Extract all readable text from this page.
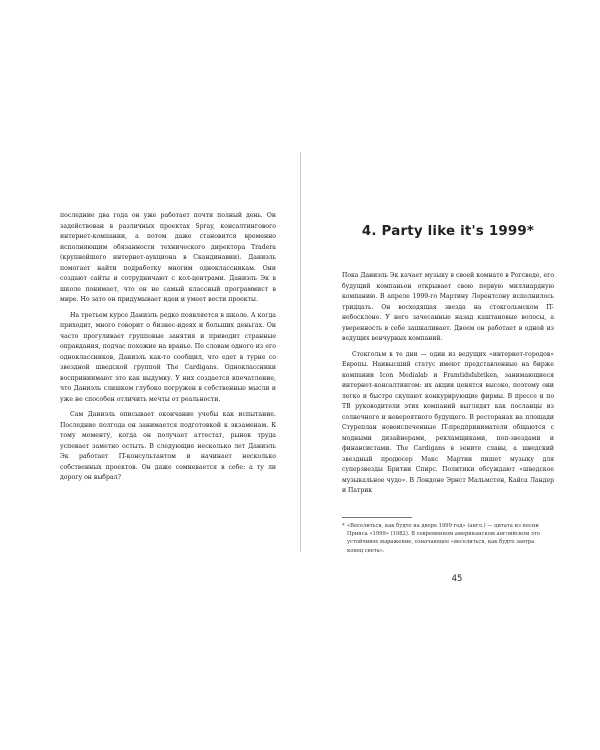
последние два года он уже работает почти полный день. Он задействован в различных проектах Spray, консалтингового интернет-компании, а потом даже становится временно исполняющим обязанности технического директора Tradera (крупнейшего интернет-аукциона в Скандинавии). Даниэль помогает найти подработку многим одноклассникам. Они создают сайты и сотрудничают с кол-центрами. Даниэль Эк в школе понимает, что он не самый классный программист в мире. Но зато он придумывает идеи и умеет вести проекты.

На третьем курсе Даниэль редко появляется в школе. А когда приходит, много говорит о бизнес-идеях и больших деньгах. Он часто прогуливает групповые занятия и приводит странные оправдания, подчас похожие на вранье. По словам одного из его одноклассников, Даниэль как-то сообщил, что едет в турне со звездной шведской группой The Cardigans. Одноклассники восприниимают это как выдумку. У них создается впечатление, что Даниэль слишком глубоко погружен в собственные мысли и уже не способен отличить мечты от реальности.

Сам Даниэль описывает окончание учебы как испытание. Последние полгода он занимается подготовкой к экзаменам. К тому моменту, когда он получает аттестат, рынок труда успевает заметно остыть. В следующие несколько лет Даниэль Эк работает IT-консультантом и начинает несколько собственных проектов. Он даже сомневается в себе: а ту ли дорогу он выбрал?

4. Party like it's 1999*

Пока Даниэль Эк качает музыку в своей комнате в Рогсведе, его будущий компаньон открывает свою первую миллиардную компанию. В апреле 1999-го Мартину Лорентсону исполнилось тридцать. Он восходящая звезда на стокгольмском IT-небосклоне. У него зачесанные назад каштановые волосы, а уверенность в себе зашкаливает. Двеем он работает в одной из ведущих венчурных компаний.

Стокгольм в те дни — один из ведущих «интернет-городов» Европы. Наивысший статус имеют представленные на бирже компании Icon Medialab и Framtidsfabriken, занимающиеся интернет-консалтингом: их акции ценятся высоко, поэтому они легко и быстро скупают конкурирующие фирмы. В прессе и по ТВ руководители этих компаний выглядят как посланцы из солнечного и невероятного будущего. В ресторанах на площади Стуреплан новоиспеченные IT-предприниматели общаются с модными дизайнерами, рекламщиками, поп-звездами и финансистами. The Cardigans в зените славы, а шведский звездный продюсер Макс Мартин пишет музыку для суперзвезды Бритни Спирс. Политики обсуждают «шведское музыкальное чудо». В Лондоне Эрнст Мальмстен, Кайса Ландер и Патрик

* «Веселиться, как будто на дворе 1999 год» (англ.) — цитата из песни Принса «1999» (1982). В современном американском английском это устойчивое выражение, означающее «веселиться, как будто завтра конец света».
45
